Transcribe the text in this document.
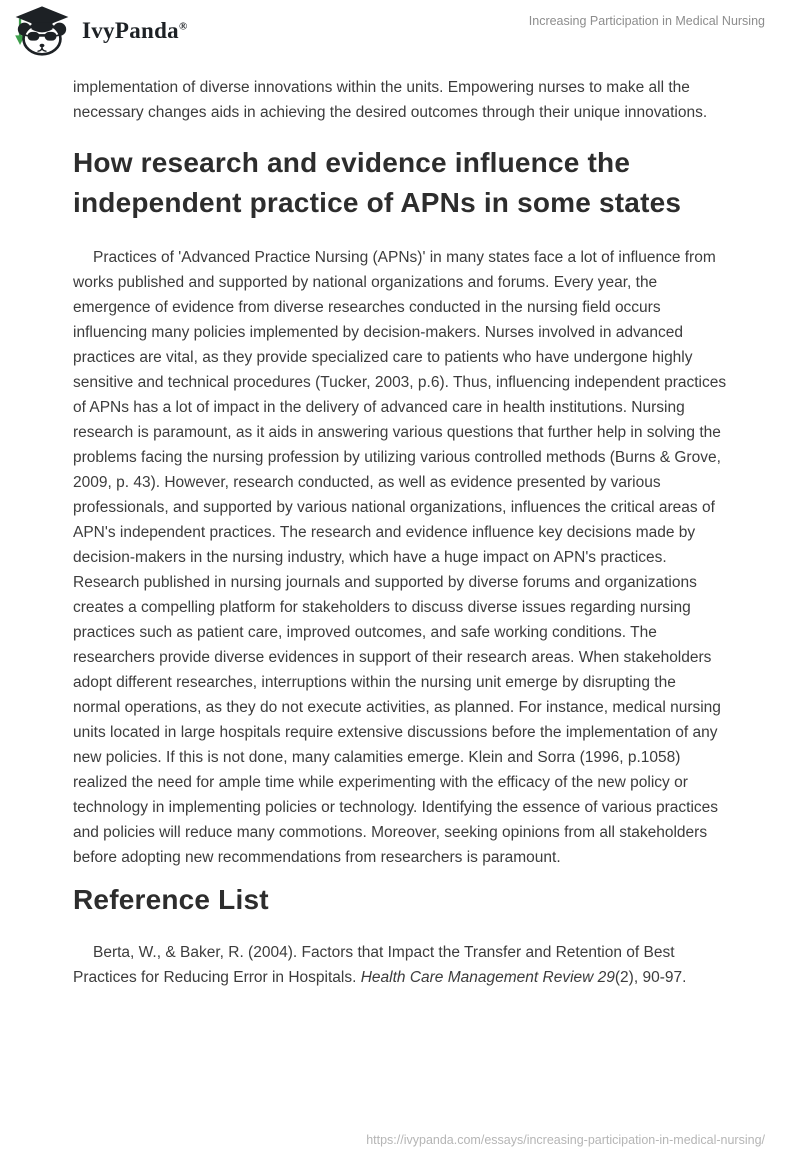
IvyPanda®	Increasing Participation in Medical Nursing

implementation of diverse innovations within the units. Empowering nurses to make all the necessary changes aids in achieving the desired outcomes through their unique innovations.

How research and evidence influence the independent practice of APNs in some states

Practices of 'Advanced Practice Nursing (APNs)' in many states face a lot of influence from works published and supported by national organizations and forums. Every year, the emergence of evidence from diverse researches conducted in the nursing field occurs influencing many policies implemented by decision-makers. Nurses involved in advanced practices are vital, as they provide specialized care to patients who have undergone highly sensitive and technical procedures (Tucker, 2003, p.6). Thus, influencing independent practices of APNs has a lot of impact in the delivery of advanced care in health institutions. Nursing research is paramount, as it aids in answering various questions that further help in solving the problems facing the nursing profession by utilizing various controlled methods (Burns & Grove, 2009, p. 43). However, research conducted, as well as evidence presented by various professionals, and supported by various national organizations, influences the critical areas of APN's independent practices. The research and evidence influence key decisions made by decision-makers in the nursing industry, which have a huge impact on APN's practices. Research published in nursing journals and supported by diverse forums and organizations creates a compelling platform for stakeholders to discuss diverse issues regarding nursing practices such as patient care, improved outcomes, and safe working conditions. The researchers provide diverse evidences in support of their research areas. When stakeholders adopt different researches, interruptions within the nursing unit emerge by disrupting the normal operations, as they do not execute activities, as planned. For instance, medical nursing units located in large hospitals require extensive discussions before the implementation of any new policies. If this is not done, many calamities emerge. Klein and Sorra (1996, p.1058) realized the need for ample time while experimenting with the efficacy of the new policy or technology in implementing policies or technology. Identifying the essence of various practices and policies will reduce many commotions. Moreover, seeking opinions from all stakeholders before adopting new recommendations from researchers is paramount.

Reference List

Berta, W., & Baker, R. (2004). Factors that Impact the Transfer and Retention of Best Practices for Reducing Error in Hospitals. Health Care Management Review 29(2), 90-97.

https://ivypanda.com/essays/increasing-participation-in-medical-nursing/
